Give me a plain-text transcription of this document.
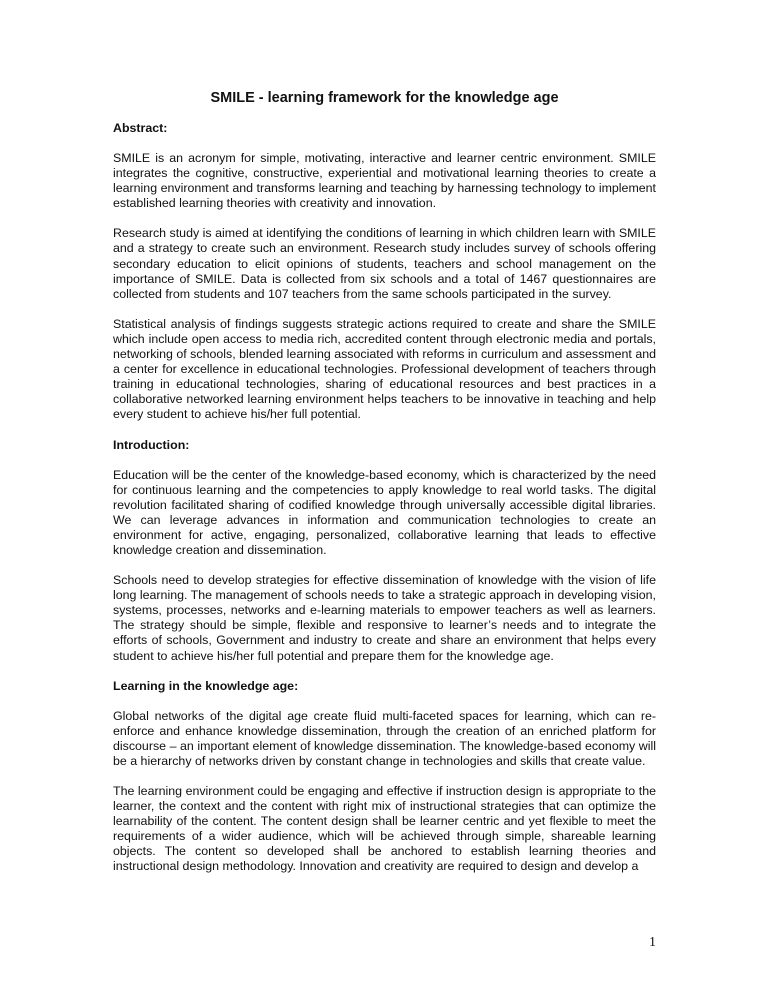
SMILE - learning framework for the knowledge age
Abstract:

SMILE is an acronym for simple, motivating, interactive and learner centric environment. SMILE integrates the cognitive, constructive, experiential and motivational learning theories to create a learning environment and transforms learning and teaching by harnessing technology to implement established learning theories with creativity and innovation.

Research study is aimed at identifying the conditions of learning in which children learn with SMILE and a strategy to create such an environment. Research study includes survey of schools offering secondary education to elicit opinions of students, teachers and school management on the importance of SMILE. Data is collected from six schools and a total of 1467 questionnaires are collected from students and 107 teachers from the same schools participated in the survey.

Statistical analysis of findings suggests strategic actions required to create and share the SMILE which include open access to media rich, accredited content through electronic media and portals, networking of schools, blended learning associated with reforms in curriculum and assessment and a center for excellence in educational technologies. Professional development of teachers through training in educational technologies, sharing of educational resources and best practices in a collaborative networked learning environment helps teachers to be innovative in teaching and help every student to achieve his/her full potential.

Introduction:

Education will be the center of the knowledge-based economy, which is characterized by the need for continuous learning and the competencies to apply knowledge to real world tasks. The digital revolution facilitated sharing of codified knowledge through universally accessible digital libraries. We can leverage advances in information and communication technologies to create an environment for active, engaging, personalized, collaborative learning that leads to effective knowledge creation and dissemination.

Schools need to develop strategies for effective dissemination of knowledge with the vision of life long learning. The management of schools needs to take a strategic approach in developing vision, systems, processes, networks and e-learning materials to empower teachers as well as learners. The strategy should be simple, flexible and responsive to learner’s needs and to integrate the efforts of schools, Government and industry to create and share an environment that helps every student to achieve his/her full potential and prepare them for the knowledge age.

Learning in the knowledge age:

Global networks of the digital age create fluid multi-faceted spaces for learning, which can re-enforce and enhance knowledge dissemination, through the creation of an enriched platform for discourse – an important element of knowledge dissemination. The knowledge-based economy will be a hierarchy of networks driven by constant change in technologies and skills that create value.

The learning environment could be engaging and effective if instruction design is appropriate to the learner, the context and the content with right mix of instructional strategies that can optimize the learnability of the content. The content design shall be learner centric and yet flexible to meet the requirements of a wider audience, which will be achieved through simple, shareable learning objects. The content so developed shall be anchored to establish learning theories and instructional design methodology. Innovation and creativity are required to design and develop a

1
